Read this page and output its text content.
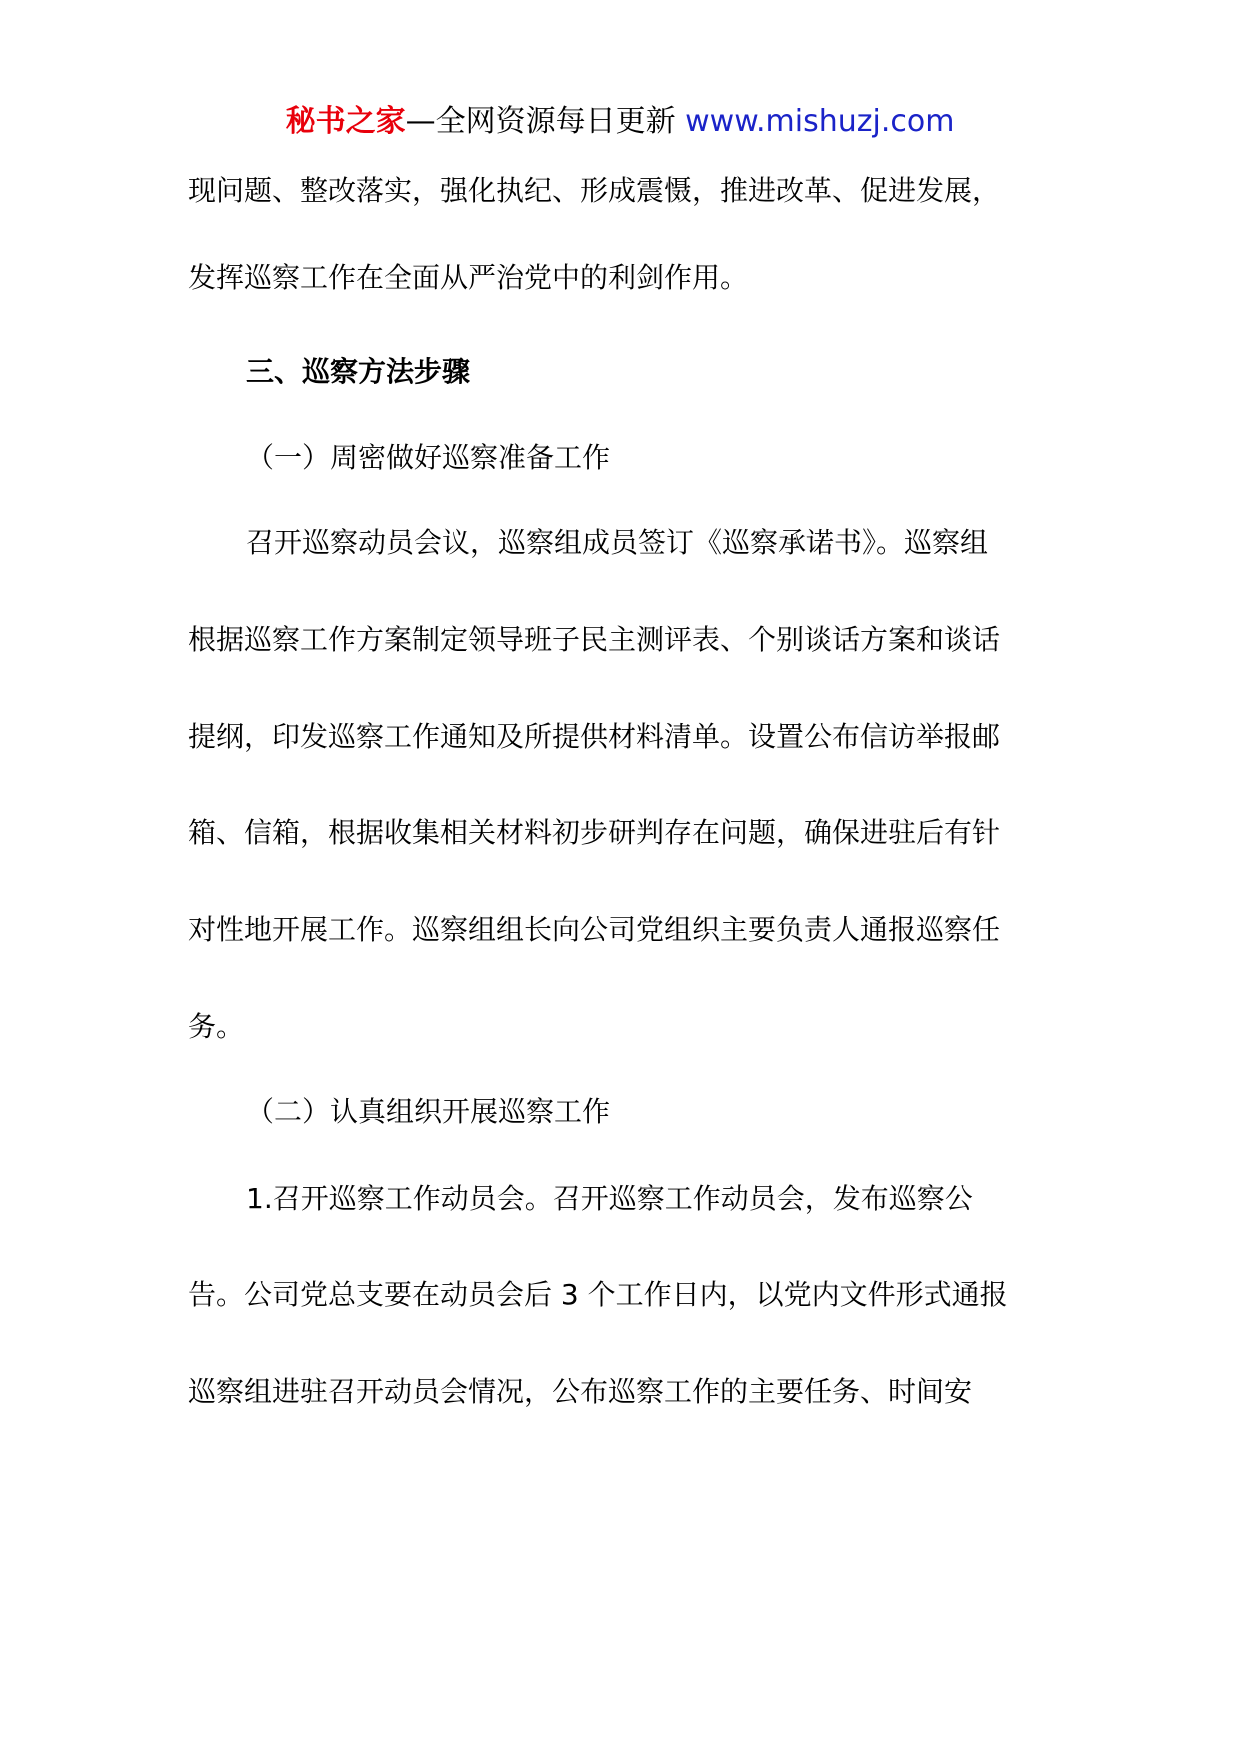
秘书之家—全网资源每日更新 www.mishuzj.com
现问题、整改落实，强化执纪、形成震慑，推进改革、促进发展，
发挥巡察工作在全面从严治党中的利剑作用。
三、巡察方法步骤
（一）周密做好巡察准备工作
召开巡察动员会议，巡察组成员签订《巡察承诺书》。巡察组
根据巡察工作方案制定领导班子民主测评表、个别谈话方案和谈话
提纲，印发巡察工作通知及所提供材料清单。设置公布信访举报邮
箱、信箱，根据收集相关材料初步研判存在问题，确保进驻后有针
对性地开展工作。巡察组组长向公司党组织主要负责人通报巡察任
务。
（二）认真组织开展巡察工作
1.召开巡察工作动员会。召开巡察工作动员会，发布巡察公
告。公司党总支要在动员会后 3 个工作日内，以党内文件形式通报
巡察组进驻召开动员会情况，公布巡察工作的主要任务、时间安
